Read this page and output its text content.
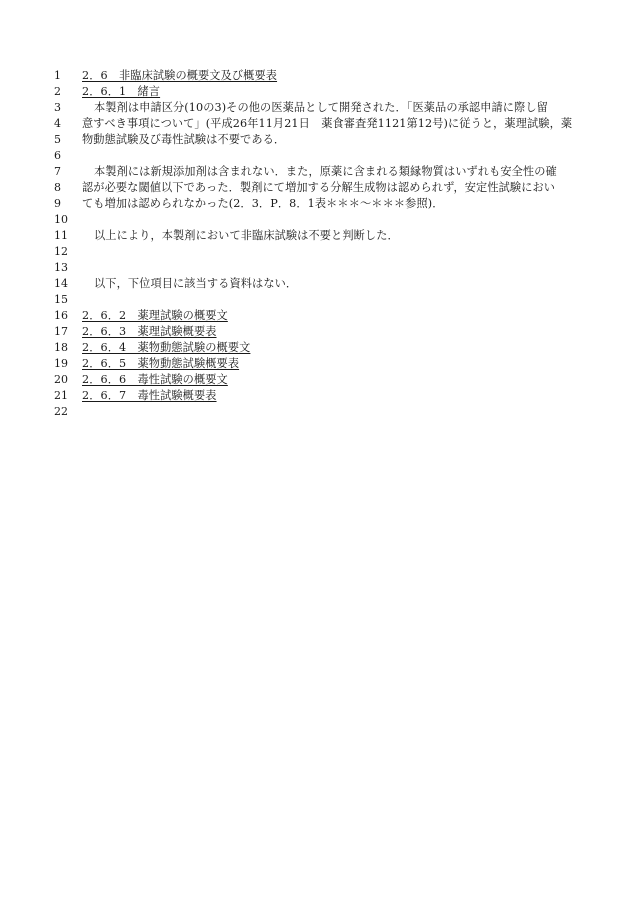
1 2．6　非臨床試験の概要文及び概要表
2 2．6．1　緒言
3	本製剤は申請区分(10の3)その他の医薬品として開発された．「医薬品の承認申請に際し留
4 意すべき事項について」(平成26年11月21日　薬食審査発1121第12号)に従うと，薬理試験，薬
5 物動態試験及び毒性試験は不要である．
6
7	本製剤には新規添加剤は含まれない．また，原薬に含まれる類縁物質はいずれも安全性の確
8 認が必要な閾値以下であった．製剤にて増加する分解生成物は認められず，安定性試験におい
9 ても増加は認められなかった(2．3．P．8．1表＊＊＊～＊＊＊参照)．
10
11 以上により，本製剤において非臨床試験は不要と判断した．
12
13
14 以下，下位項目に該当する資料はない．
15
16 2．6．2　薬理試験の概要文
17 2．6．3　薬理試験概要表
18 2．6．4　薬物動態試験の概要文
19 2．6．5　薬物動態試験概要表
20 2．6．6　毒性試験の概要文
21 2．6．7　毒性試験概要表
22
